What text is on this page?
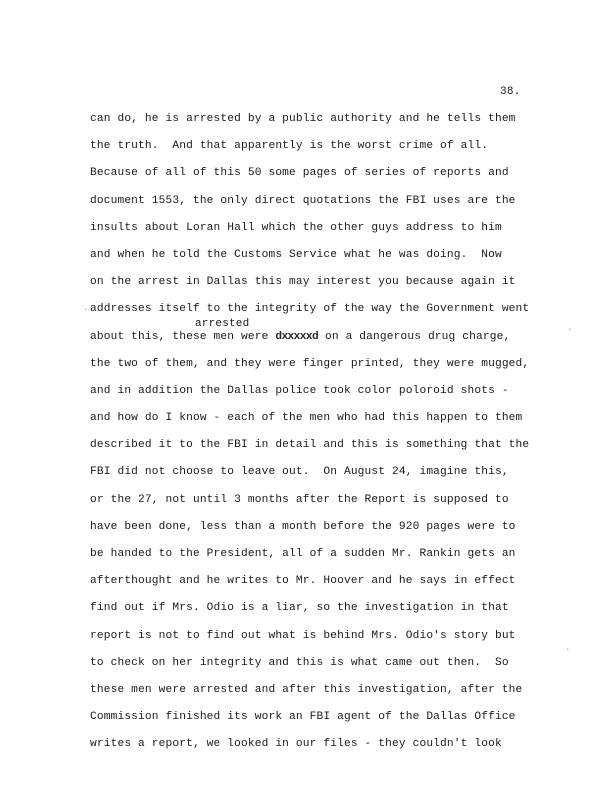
38.
arrested
can do, he is arrested by a public authority and he tells them
the truth.  And that apparently is the worst crime of all.
Because of all of this 50 some pages of series of reports and
document 1553, the only direct quotations the FBI uses are the
insults about Loran Hall which the other guys address to him
and when he told the Customs Service what he was doing.  Now
on the arrest in Dallas this may interest you because again it
addresses itself to the integrity of the way the Government went
about this, these men were dxxxxxd on a dangerous drug charge,
the two of them, and they were finger printed, they were mugged,
and in addition the Dallas police took color poloroid shots -
and how do I know - each of the men who had this happen to them
described it to the FBI in detail and this is something that the
FBI did not choose to leave out.  On August 24, imagine this,
or the 27, not until 3 months after the Report is supposed to
have been done, less than a month before the 920 pages were to
be handed to the President, all of a sudden Mr. Rankin gets an
afterthought and he writes to Mr. Hoover and he says in effect
find out if Mrs. Odio is a liar, so the investigation in that
report is not to find out what is behind Mrs. Odio's story but
to check on her integrity and this is what came out then.  So
these men were arrested and after this investigation, after the
Commission finished its work an FBI agent of the Dallas Office
writes a report, we looked in our files - they couldn't look
·
·
·
